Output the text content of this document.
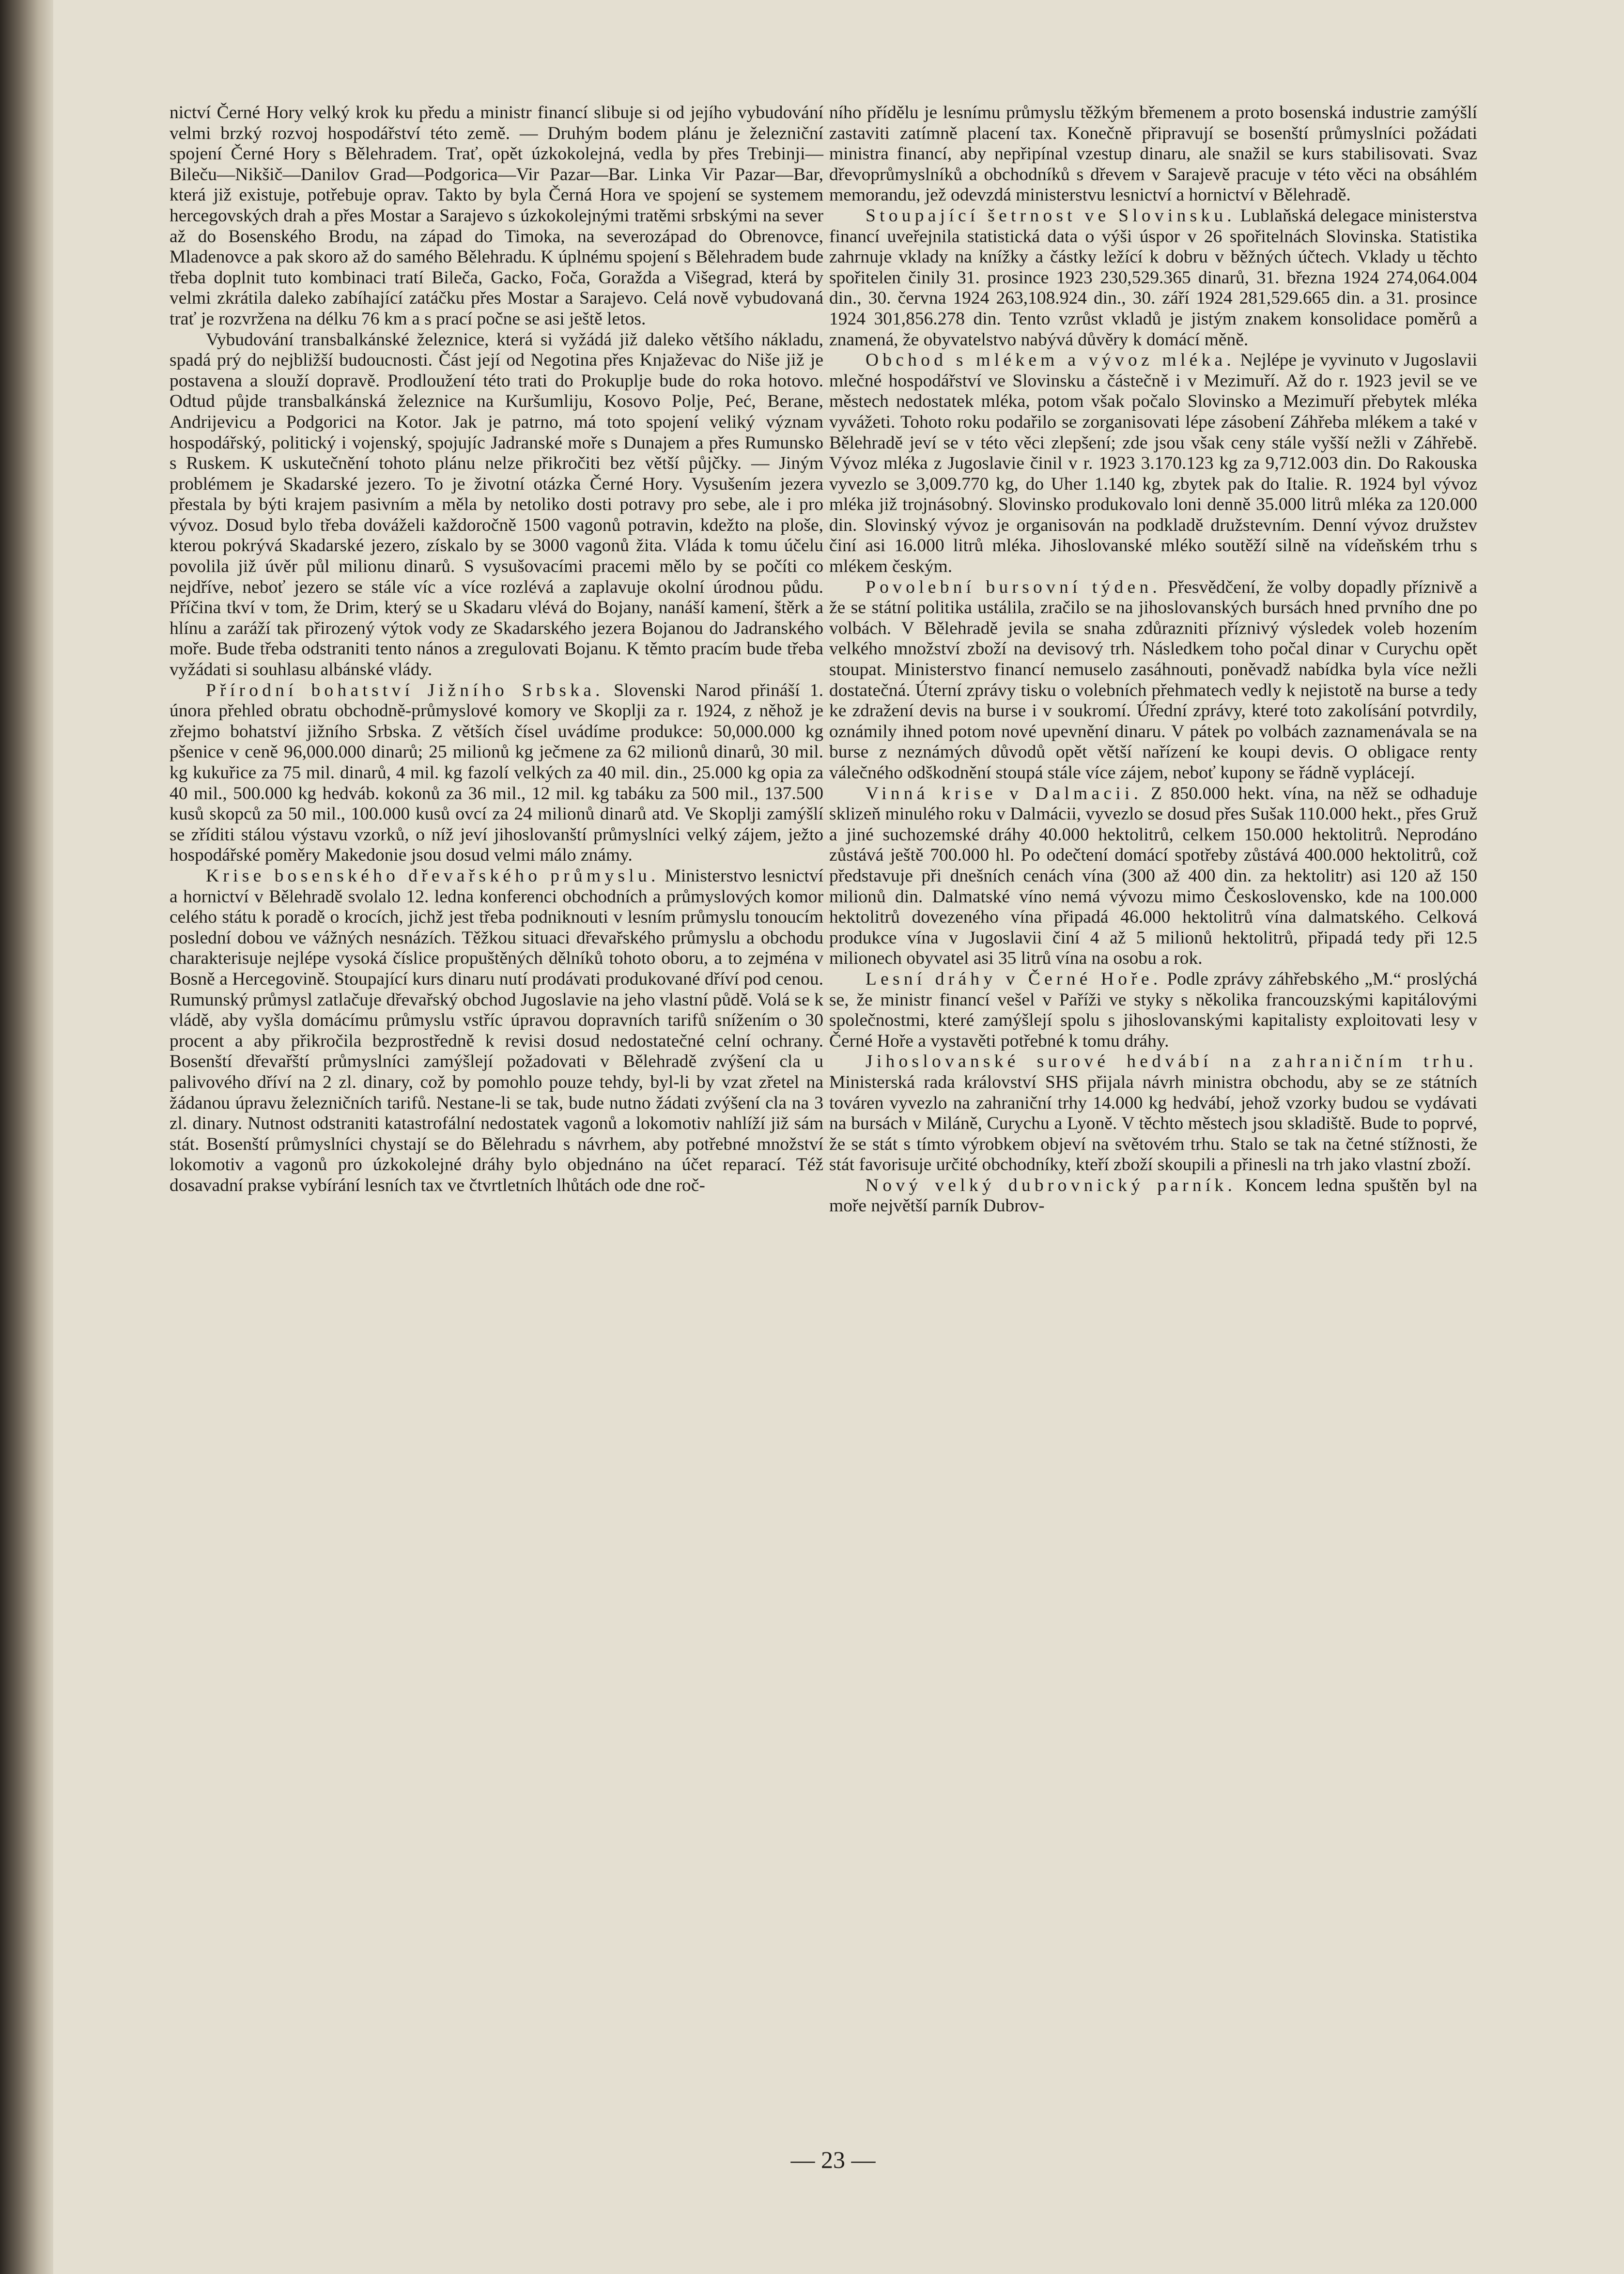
nictví Černé Hory velký krok ku předu a ministr financí slibuje si od jejího vybudování velmi brzký rozvoj hospodářství této země. — Druhým bodem plánu je železniční spojení Černé Hory s Bělehradem. Trať, opět úzkokolejná, vedla by přes Trebinji—Bileču—Nikšič—Danilov Grad—Podgorica—Vir Pazar—Bar. Linka Vir Pazar—Bar, která již existuje, potřebuje oprav. Takto by byla Černá Hora ve spojení se systemem hercegovských drah a přes Mostar a Sarajevo s úzkokolejnými tratěmi srbskými na sever až do Bosenského Brodu, na západ do Timoka, na severozápad do Obrenovce, Mladenovce a pak skoro až do samého Bělehradu. K úplnému spojení s Bělehradem bude třeba doplnit tuto kombinaci tratí Bileča, Gacko, Foča, Goražda a Višegrad, která by velmi zkrátila daleko zabíhající zatáčku přes Mostar a Sarajevo. Celá nově vybudovaná trať je rozvržena na délku 76 km a s prací počne se asi ještě letos.

Vybudování transbalkánské železnice, která si vyžádá již daleko většího nákladu, spadá prý do nejbližší budoucnosti. Část její od Negotina přes Knjaževac do Niše již je postavena a slouží dopravě. Prodloužení této trati do Prokuplje bude do roka hotovo. Odtud půjde transbalkánská železnice na Kuršumliju, Kosovo Polje, Peć, Berane, Andrijevicu a Podgorici na Kotor. Jak je patrno, má toto spojení veliký význam hospodářský, politický i vojenský, spojujíc Jadranské moře s Dunajem a přes Rumunsko s Ruskem. K uskutečnění tohoto plánu nelze přikročiti bez větší půjčky. — Jiným problémem je Skadarské jezero. To je životní otázka Černé Hory. Vysušením jezera přestala by býti krajem pasivním a měla by netoliko dosti potravy pro sebe, ale i pro vývoz. Dosud bylo třeba dováželi každoročně 1500 vagonů potravin, kdežto na ploše, kterou pokrývá Skadarské jezero, získalo by se 3000 vagonů žita. Vláda k tomu účelu povolila již úvěr půl milionu dinarů. S vysušovacími pracemi mělo by se počíti co nejdříve, neboť jezero se stále víc a více rozlévá a zaplavuje okolní úrodnou půdu. Příčina tkví v tom, že Drim, který se u Skadaru vlévá do Bojany, nanáší kamení, štěrk a hlínu a zaráží tak přirozený výtok vody ze Skadarského jezera Bojanou do Jadranského moře. Bude třeba odstraniti tento nános a zregulovati Bojanu. K těmto pracím bude třeba vyžádati si souhlasu albánské vlády.

Přírodní bohatství Jižního Srbska. Slovenski Narod přináší 1. února přehled obratu obchodně-průmyslové komory ve Skoplji za r. 1924, z něhož je zřejmo bohatství jižního Srbska. Z větších čísel uvádíme produkce: 50,000.000 kg pšenice v ceně 96,000.000 dinarů; 25 milionů kg ječmene za 62 milionů dinarů, 30 mil. kg kukuřice za 75 mil. dinarů, 4 mil. kg fazolí velkých za 40 mil. din., 25.000 kg opia za 40 mil., 500.000 kg hedváb. kokonů za 36 mil., 12 mil. kg tabáku za 500 mil., 137.500 kusů skopců za 50 mil., 100.000 kusů ovcí za 24 milionů dinarů atd. Ve Skoplji zamýšlí se zříditi stálou výstavu vzorků, o níž jeví jihoslovanští průmyslníci velký zájem, ježto hospodářské poměry Makedonie jsou dosud velmi málo známy.

Krise bosenského dřevařského průmyslu. Ministerstvo lesnictví a hornictví v Bělehradě svolalo 12. ledna konferenci obchodních a průmyslových komor celého státu k poradě o krocích, jichž jest třeba podniknouti v lesním průmyslu tonoucím poslední dobou ve vážných nesnázích. Těžkou situaci dřevařského průmyslu a obchodu charakterisuje nejlépe vysoká číslice propuštěných dělníků tohoto oboru, a to zejména v Bosně a Hercegovině. Stoupající kurs dinaru nutí prodávati produkované dříví pod cenou. Rumunský průmysl zatlačuje dřevařský obchod Jugoslavie na jeho vlastní půdě. Volá se k vládě, aby vyšla domácímu průmyslu vstříc úpravou dopravních tarifů snížením o 30 procent a aby přikročila bezprostředně k revisi dosud nedostatečné celní ochrany. Bosenští dřevařští průmyslníci zamýšlejí požadovati v Bělehradě zvýšení cla u palivového dříví na 2 zl. dinary, což by pomohlo pouze tehdy, byl-li by vzat zřetel na žádanou úpravu železničních tarifů. Nestane-li se tak, bude nutno žádati zvýšení cla na 3 zl. dinary. Nutnost odstraniti katastrofální nedostatek vagonů a lokomotiv nahlíží již sám stát. Bosenští průmyslníci chystají se do Bělehradu s návrhem, aby potřebné množství lokomotiv a vagonů pro úzkokolejné dráhy bylo objednáno na účet reparací. Též dosavadní prakse vybírání lesních tax ve čtvrtletních lhůtách ode dne roč-

ního přídělu je lesnímu průmyslu těžkým břemenem a proto bosenská industrie zamýšlí zastaviti zatímně placení tax. Konečně připravují se bosenští průmyslníci požádati ministra financí, aby nepřipínal vzestup dinaru, ale snažil se kurs stabilisovati. Svaz dřevoprůmyslníků a obchodníků s dřevem v Sarajevě pracuje v této věci na obsáhlém memorandu, jež odevzdá ministerstvu lesnictví a hornictví v Bělehradě.

Stoupající šetrnost ve Slovinsku. Lublaňská delegace ministerstva financí uveřejnila statistická data o výši úspor v 26 spořitelnách Slovinska. Statistika zahrnuje vklady na knížky a částky ležící k dobru v běžných účtech. Vklady u těchto spořitelen činily 31. prosince 1923 230,529.365 dinarů, 31. března 1924 274,064.004 din., 30. června 1924 263,108.924 din., 30. září 1924 281,529.665 din. a 31. prosince 1924 301,856.278 din. Tento vzrůst vkladů je jistým znakem konsolidace poměrů a znamená, že obyvatelstvo nabývá důvěry k domácí měně.

Obchod s mlékem a vývoz mléka. Nejlépe je vyvinuto v Jugoslavii mlečné hospodářství ve Slovinsku a částečně i v Mezimuří. Až do r. 1923 jevil se ve městech nedostatek mléka, potom však počalo Slovinsko a Mezimuří přebytek mléka vyvážeti. Tohoto roku podařilo se zorganisovati lépe zásobení Záhřeba mlékem a také v Bělehradě jeví se v této věci zlepšení; zde jsou však ceny stále vyšší nežli v Záhřebě. Vývoz mléka z Jugoslavie činil v r. 1923 3.170.123 kg za 9,712.003 din. Do Rakouska vyvezlo se 3,009.770 kg, do Uher 1.140 kg, zbytek pak do Italie. R. 1924 byl vývoz mléka již trojnásobný. Slovinsko produkovalo loni denně 35.000 litrů mléka za 120.000 din. Slovinský vývoz je organisován na podkladě družstevním. Denní vývoz družstev činí asi 16.000 litrů mléka. Jihoslovanské mléko soutěží silně na vídeňském trhu s mlékem českým.

Povolební bursovní týden. Přesvědčení, že volby dopadly příznivě a že se státní politika ustálila, zračilo se na jihoslovanských bursách hned prvního dne po volbách. V Bělehradě jevila se snaha zdůrazniti příznivý výsledek voleb hozením velkého množství zboží na devisový trh. Následkem toho počal dinar v Curychu opět stoupat. Ministerstvo financí nemuselo zasáhnouti, poněvadž nabídka byla více nežli dostatečná. Úterní zprávy tisku o volebních přehmatech vedly k nejistotě na burse a tedy ke zdražení devis na burse i v soukromí. Úřední zprávy, které toto zakolísání potvrdily, oznámily ihned potom nové upevnění dinaru. V pátek po volbách zaznamenávala se na burse z neznámých důvodů opět větší nařízení ke koupi devis. O obligace renty válečného odškodnění stoupá stále více zájem, neboť kupony se řádně vyplácejí.

Vinná krise v Dalmacii. Z 850.000 hekt. vína, na něž se odhaduje sklizeň minulého roku v Dalmácii, vyvezlo se dosud přes Sušak 110.000 hekt., přes Gruž a jiné suchozemské dráhy 40.000 hektolitrů, celkem 150.000 hektolitrů. Neprodáno zůstává ještě 700.000 hl. Po odečtení domácí spotřeby zůstává 400.000 hektolitrů, což představuje při dnešních cenách vína (300 až 400 din. za hektolitr) asi 120 až 150 milionů din. Dalmatské víno nemá vývozu mimo Československo, kde na 100.000 hektolitrů dovezeného vína připadá 46.000 hektolitrů vína dalmatského. Celková produkce vína v Jugoslavii činí 4 až 5 milionů hektolitrů, připadá tedy při 12.5 milionech obyvatel asi 35 litrů vína na osobu a rok.

Lesní dráhy v Černé Hoře. Podle zprávy záhřebského „M.“ proslýchá se, že ministr financí vešel v Paříži ve styky s několika francouzskými kapitálovými společnostmi, které zamýšlejí spolu s jihoslovanskými kapitalisty exploitovati lesy v Černé Hoře a vystavěti potřebné k tomu dráhy.

Jihoslovanské surové hedvábí na zahraničním trhu. Ministerská rada království SHS přijala návrh ministra obchodu, aby se ze státních továren vyvezlo na zahraniční trhy 14.000 kg hedvábí, jehož vzorky budou se vydávati na bursách v Miláně, Curychu a Lyoně. V těchto městech jsou skladiště. Bude to poprvé, že se stát s tímto výrobkem objeví na světovém trhu. Stalo se tak na četné stížnosti, že stát favorisuje určité obchodníky, kteří zboží skoupili a přinesli na trh jako vlastní zboží.

Nový velký dubrovnický parník. Koncem ledna spuštěn byl na moře největší parník Dubrov-

— 23 —
